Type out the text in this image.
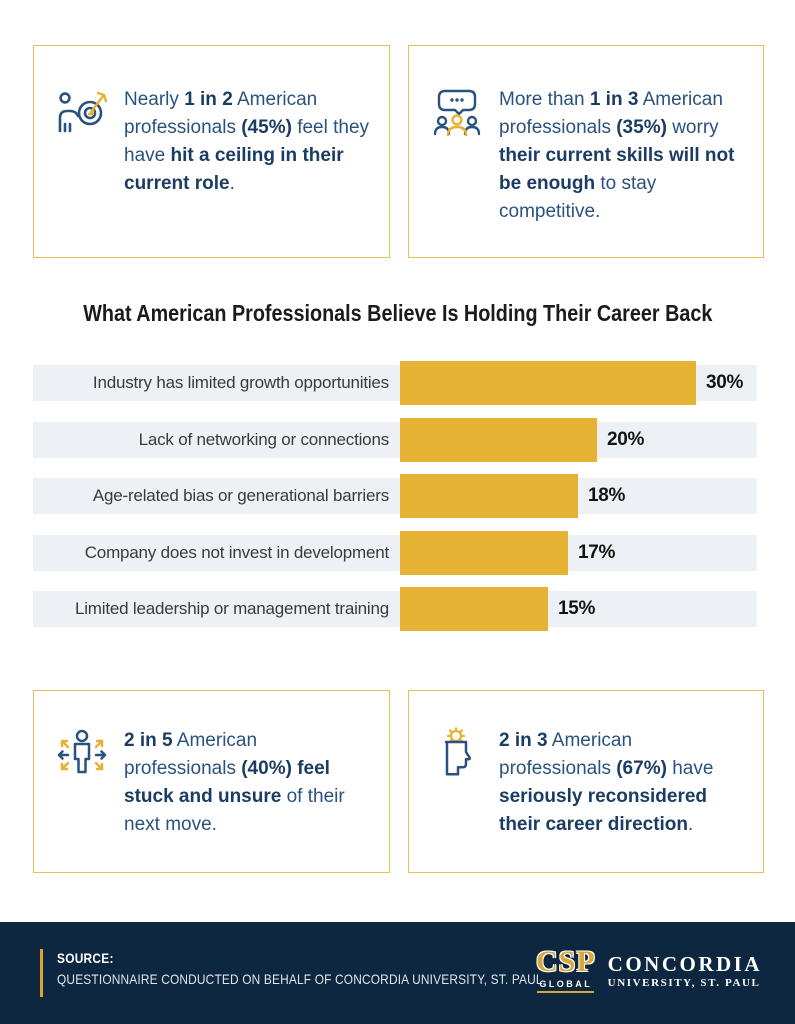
Nearly 1 in 2 American professionals (45%) feel they have hit a ceiling in their current role.

More than 1 in 3 American professionals (35%) worry their current skills will not be enough to stay competitive.

What American Professionals Believe Is Holding Their Career Back
Industry has limited growth opportunities	30%
Lack of networking or connections	20%
Age-related bias or generational barriers	18%
Company does not invest in development	17%
Limited leadership or management training	15%

2 in 5 American professionals (40%) feel stuck and unsure of their next move.

2 in 3 American professionals (67%) have seriously reconsidered their career direction.

SOURCE:
QUESTIONNAIRE CONDUCTED ON BEHALF OF CONCORDIA UNIVERSITY, ST. PAUL
CSP
GLOBAL
CONCORDIA
UNIVERSITY, ST. PAUL
